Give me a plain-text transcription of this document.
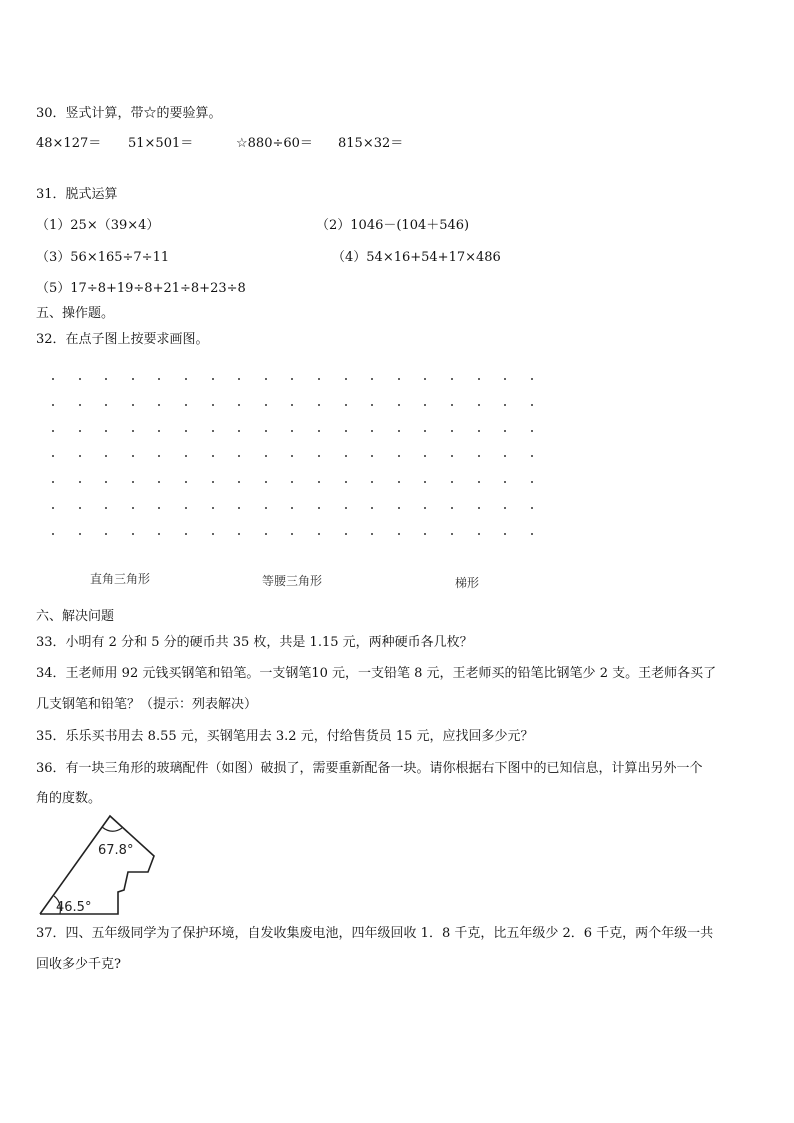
30．竖式计算，带☆的要验算。
48×127＝ 51×501＝	☆880÷60＝ 815×32＝
31．脱式运算
（1）25×（39×4）	（2）1046－(104＋546)
（3）56×165÷7÷11	（4）54×16+54+17×486
（5）17÷8+19÷8+21÷8+23÷8
五、操作题。
32．在点子图上按要求画图。
直角三角形	等腰三角形	梯形
六、解决问题
33．小明有 2 分和 5 分的硬币共 35 枚，共是 1.15 元，两种硬币各几枚？
34．王老师用 92 元钱买钢笔和铅笔。一支钢笔10 元，一支铅笔 8 元，王老师买的铅笔比钢笔少 2 支。王老师各买了
几支钢笔和铅笔？（提示：列表解决）
35．乐乐买书用去 8.55 元，买钢笔用去 3.2 元，付给售货员 15 元，应找回多少元？
36．有一块三角形的玻璃配件（如图）破损了，需要重新配备一块。请你根据右下图中的已知信息，计算出另外一个
角的度数。
67.8°
46.5°
37．四、五年级同学为了保护环境，自发收集废电池，四年级回收 1．8 千克，比五年级少 2．6 千克，两个年级一共
回收多少千克?
